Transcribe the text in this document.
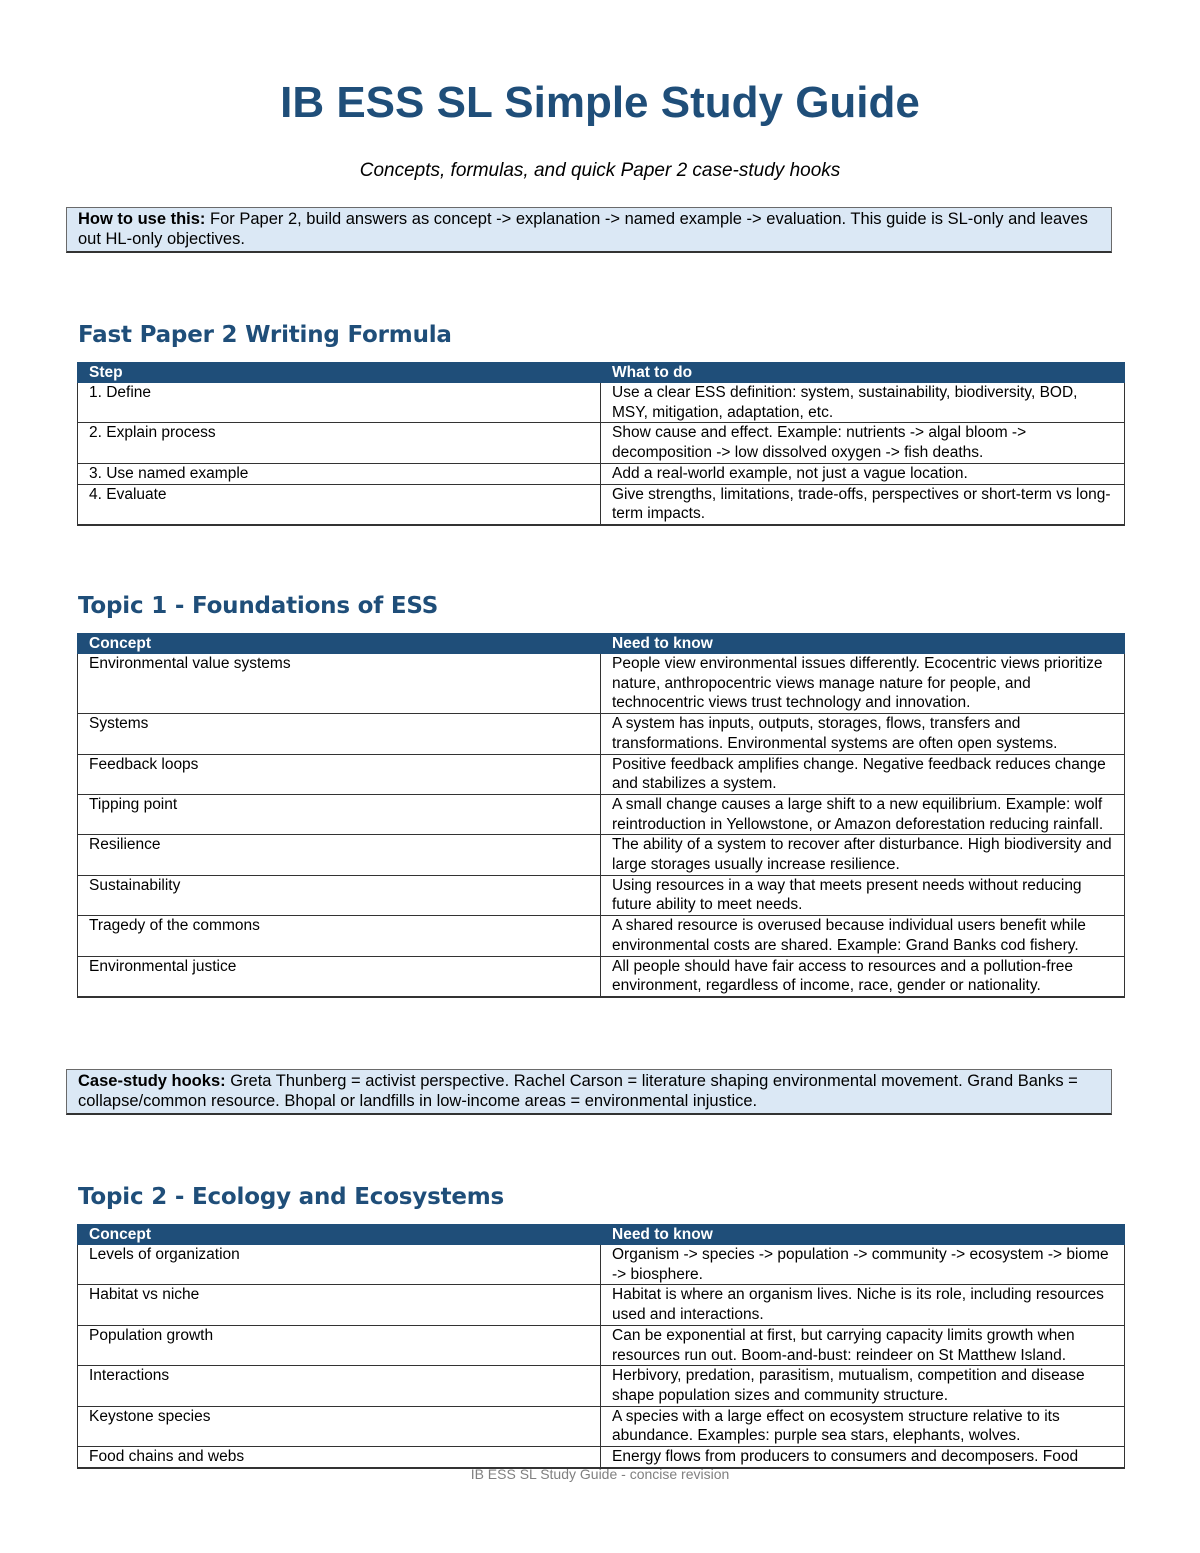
IB ESS SL Simple Study Guide
Concepts, formulas, and quick Paper 2 case-study hooks
How to use this: For Paper 2, build answers as concept -> explanation -> named example -> evaluation. This guide is SL-only and leaves out HL-only objectives.
Fast Paper 2 Writing Formula
Step	What to do
1. Define	Use a clear ESS definition: system, sustainability, biodiversity, BOD, MSY, mitigation, adaptation, etc.
2. Explain process	Show cause and effect. Example: nutrients -> algal bloom -> decomposition -> low dissolved oxygen -> fish deaths.
3. Use named example	Add a real-world example, not just a vague location.
4. Evaluate	Give strengths, limitations, trade-offs, perspectives or short-term vs long-term impacts.
Topic 1 - Foundations of ESS
Concept	Need to know
Environmental value systems	People view environmental issues differently. Ecocentric views prioritize nature, anthropocentric views manage nature for people, and technocentric views trust technology and innovation.
Systems	A system has inputs, outputs, storages, flows, transfers and transformations. Environmental systems are often open systems.
Feedback loops	Positive feedback amplifies change. Negative feedback reduces change and stabilizes a system.
Tipping point	A small change causes a large shift to a new equilibrium. Example: wolf reintroduction in Yellowstone, or Amazon deforestation reducing rainfall.
Resilience	The ability of a system to recover after disturbance. High biodiversity and large storages usually increase resilience.
Sustainability	Using resources in a way that meets present needs without reducing future ability to meet needs.
Tragedy of the commons	A shared resource is overused because individual users benefit while environmental costs are shared. Example: Grand Banks cod fishery.
Environmental justice	All people should have fair access to resources and a pollution-free environment, regardless of income, race, gender or nationality.
Case-study hooks: Greta Thunberg = activist perspective. Rachel Carson = literature shaping environmental movement. Grand Banks = collapse/common resource. Bhopal or landfills in low-income areas = environmental injustice.
Topic 2 - Ecology and Ecosystems
Concept	Need to know
Levels of organization	Organism -> species -> population -> community -> ecosystem -> biome -> biosphere.
Habitat vs niche	Habitat is where an organism lives. Niche is its role, including resources used and interactions.
Population growth	Can be exponential at first, but carrying capacity limits growth when resources run out. Boom-and-bust: reindeer on St Matthew Island.
Interactions	Herbivory, predation, parasitism, mutualism, competition and disease shape population sizes and community structure.
Keystone species	A species with a large effect on ecosystem structure relative to its abundance. Examples: purple sea stars, elephants, wolves.
Food chains and webs	Energy flows from producers to consumers and decomposers. Food
IB ESS SL Study Guide - concise revision
